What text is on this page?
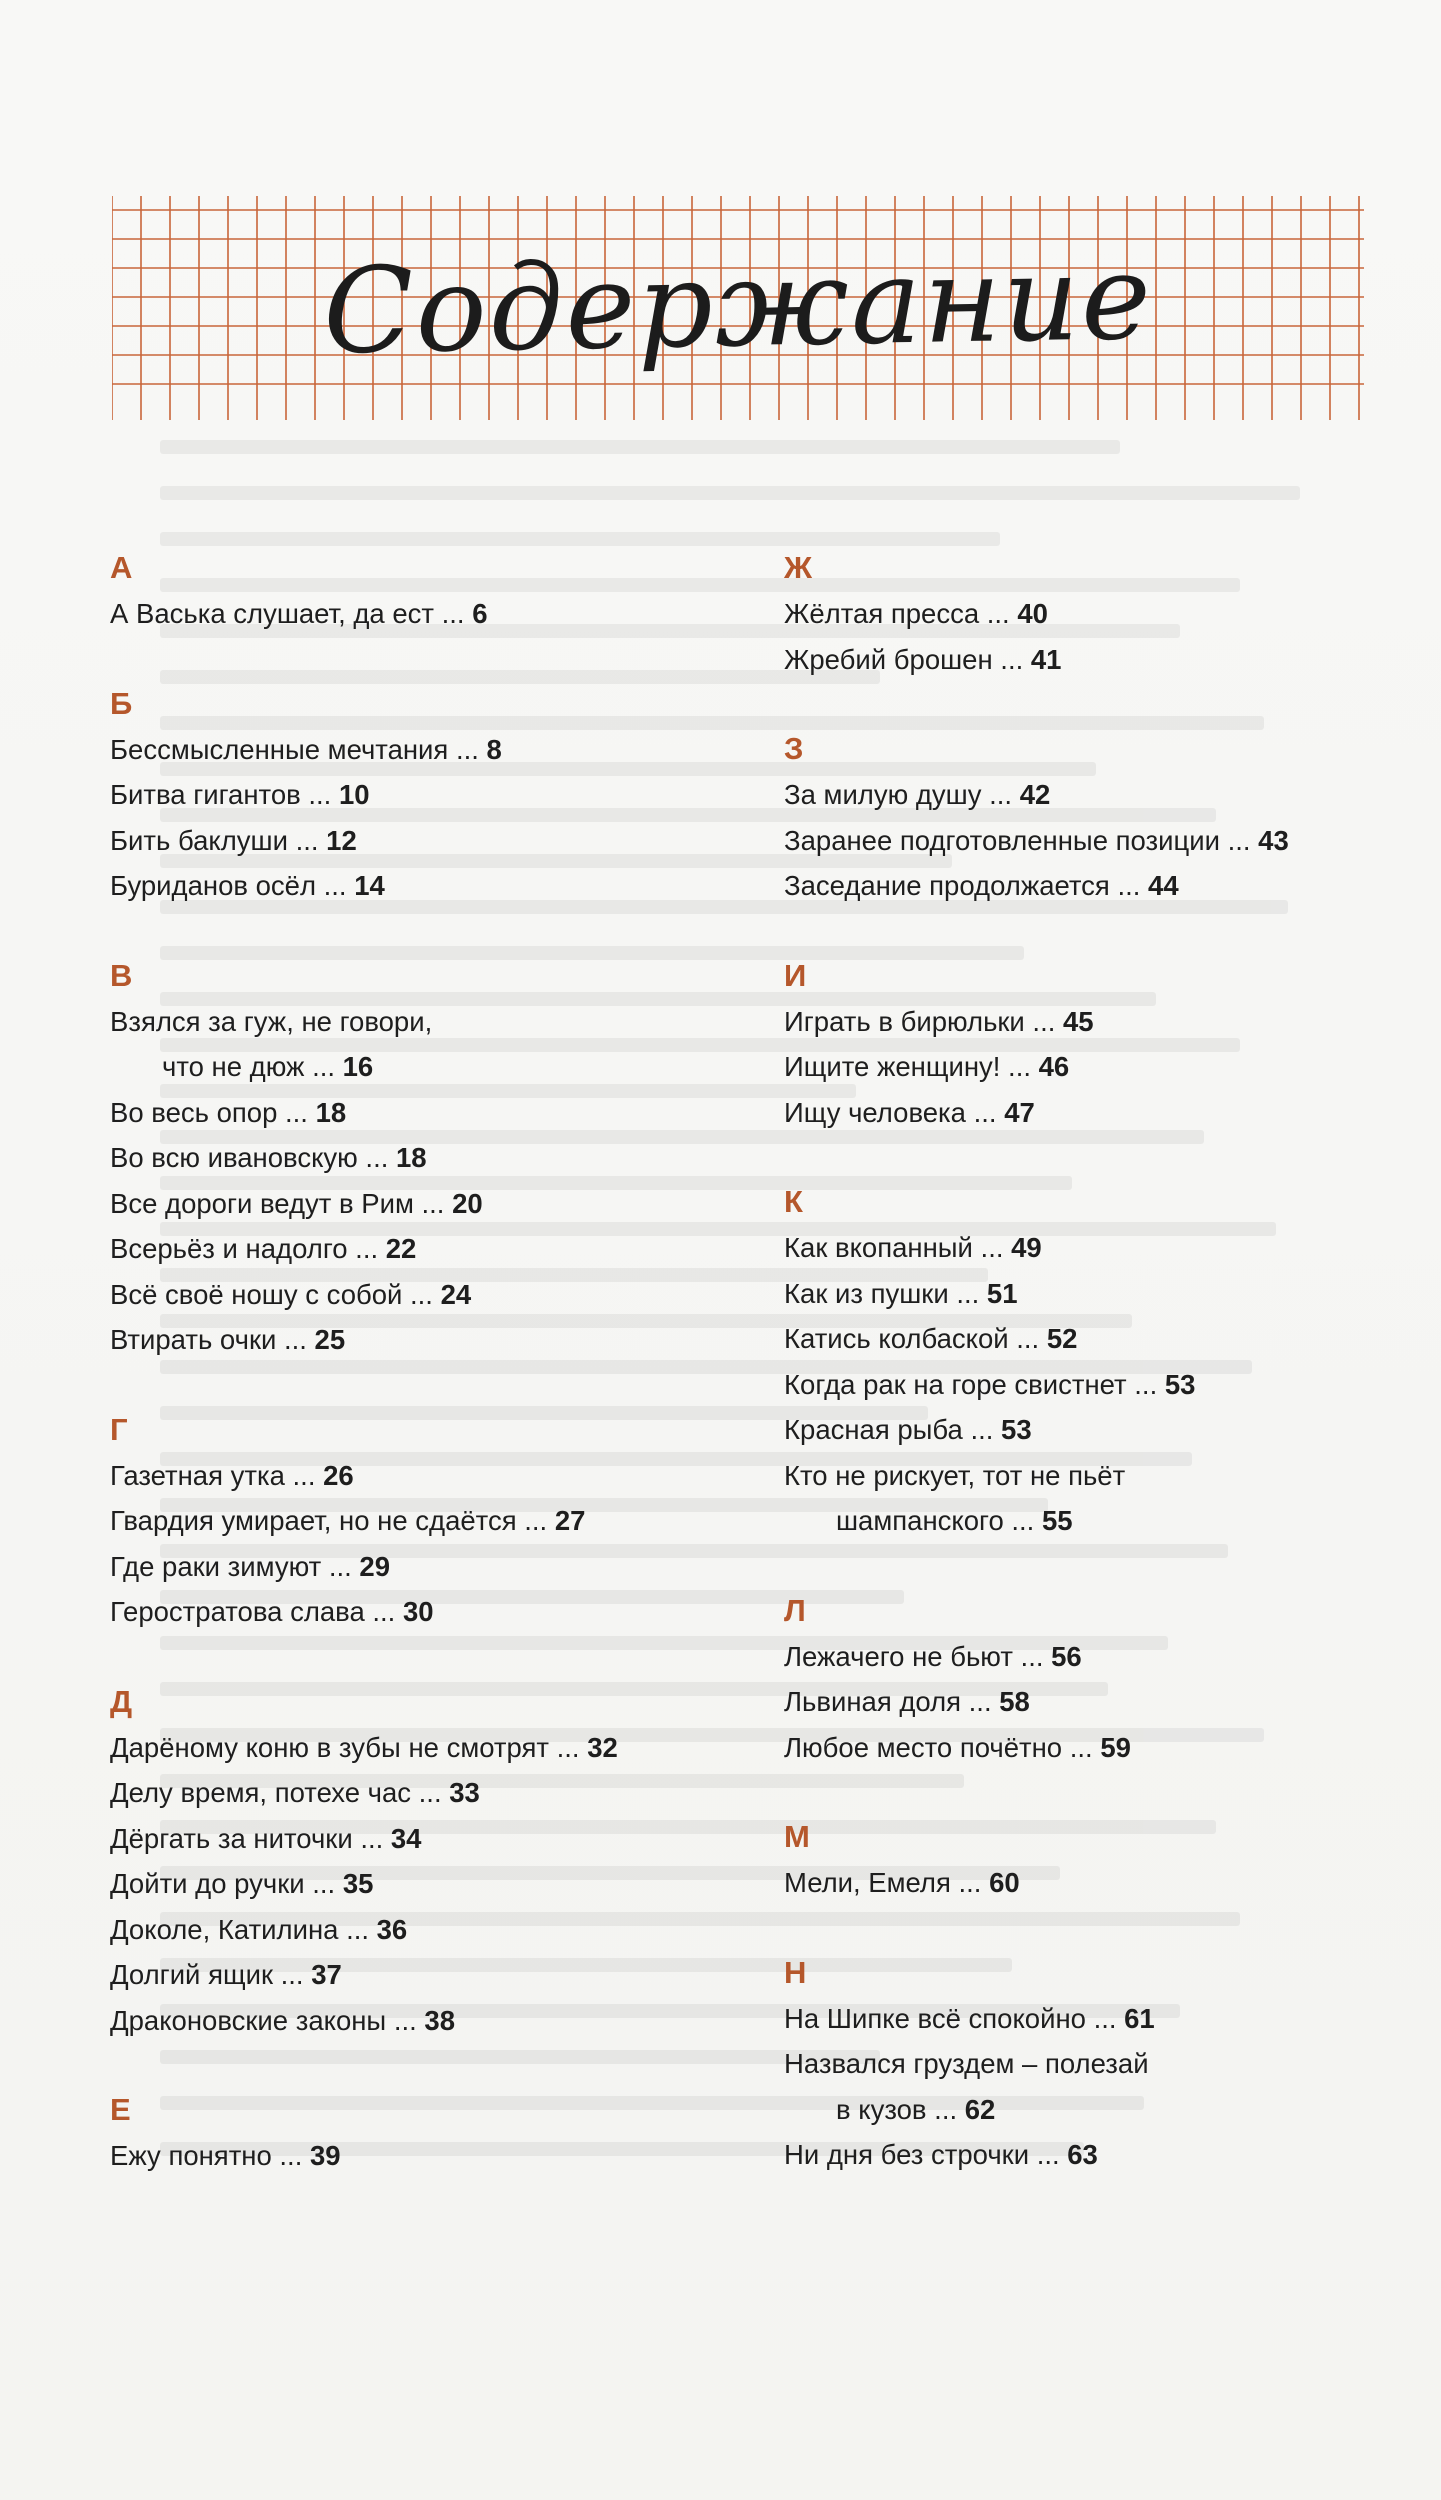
Содержание
А
А Васька слушает, да ест ... 6
Б
Бессмысленные мечтания ... 8
Битва гигантов ... 10
Бить баклуши ... 12
Буриданов осёл ... 14
В
Взялся за гуж, не говори,
что не дюж ... 16
Во весь опор ... 18
Во всю ивановскую ... 18
Все дороги ведут в Рим ... 20
Всерьёз и надолго ... 22
Всё своё ношу с собой ... 24
Втирать очки ... 25
Г
Газетная утка ... 26
Гвардия умирает, но не сдаётся ... 27
Где раки зимуют ... 29
Геростратова слава ... 30
Д
Дарёному коню в зубы не смотрят ... 32
Делу время, потехе час ... 33
Дёргать за ниточки ... 34
Дойти до ручки ... 35
Доколе, Катилина ... 36
Долгий ящик ... 37
Драконовские законы ... 38
Е
Ежу понятно ... 39
Ж
Жёлтая пресса ... 40
Жребий брошен ... 41
З
За милую душу ... 42
Заранее подготовленные позиции ... 43
Заседание продолжается ... 44
И
Играть в бирюльки ... 45
Ищите женщину! ... 46
Ищу человека ... 47
К
Как вкопанный ... 49
Как из пушки ... 51
Катись колбаской ... 52
Когда рак на горе свистнет ... 53
Красная рыба ... 53
Кто не рискует, тот не пьёт
шампанского ... 55
Л
Лежачего не бьют ... 56
Львиная доля ... 58
Любое место почётно ... 59
М
Мели, Емеля ... 60
Н
На Шипке всё спокойно ... 61
Назвался груздем – полезай
в кузов ... 62
Ни дня без строчки ... 63
